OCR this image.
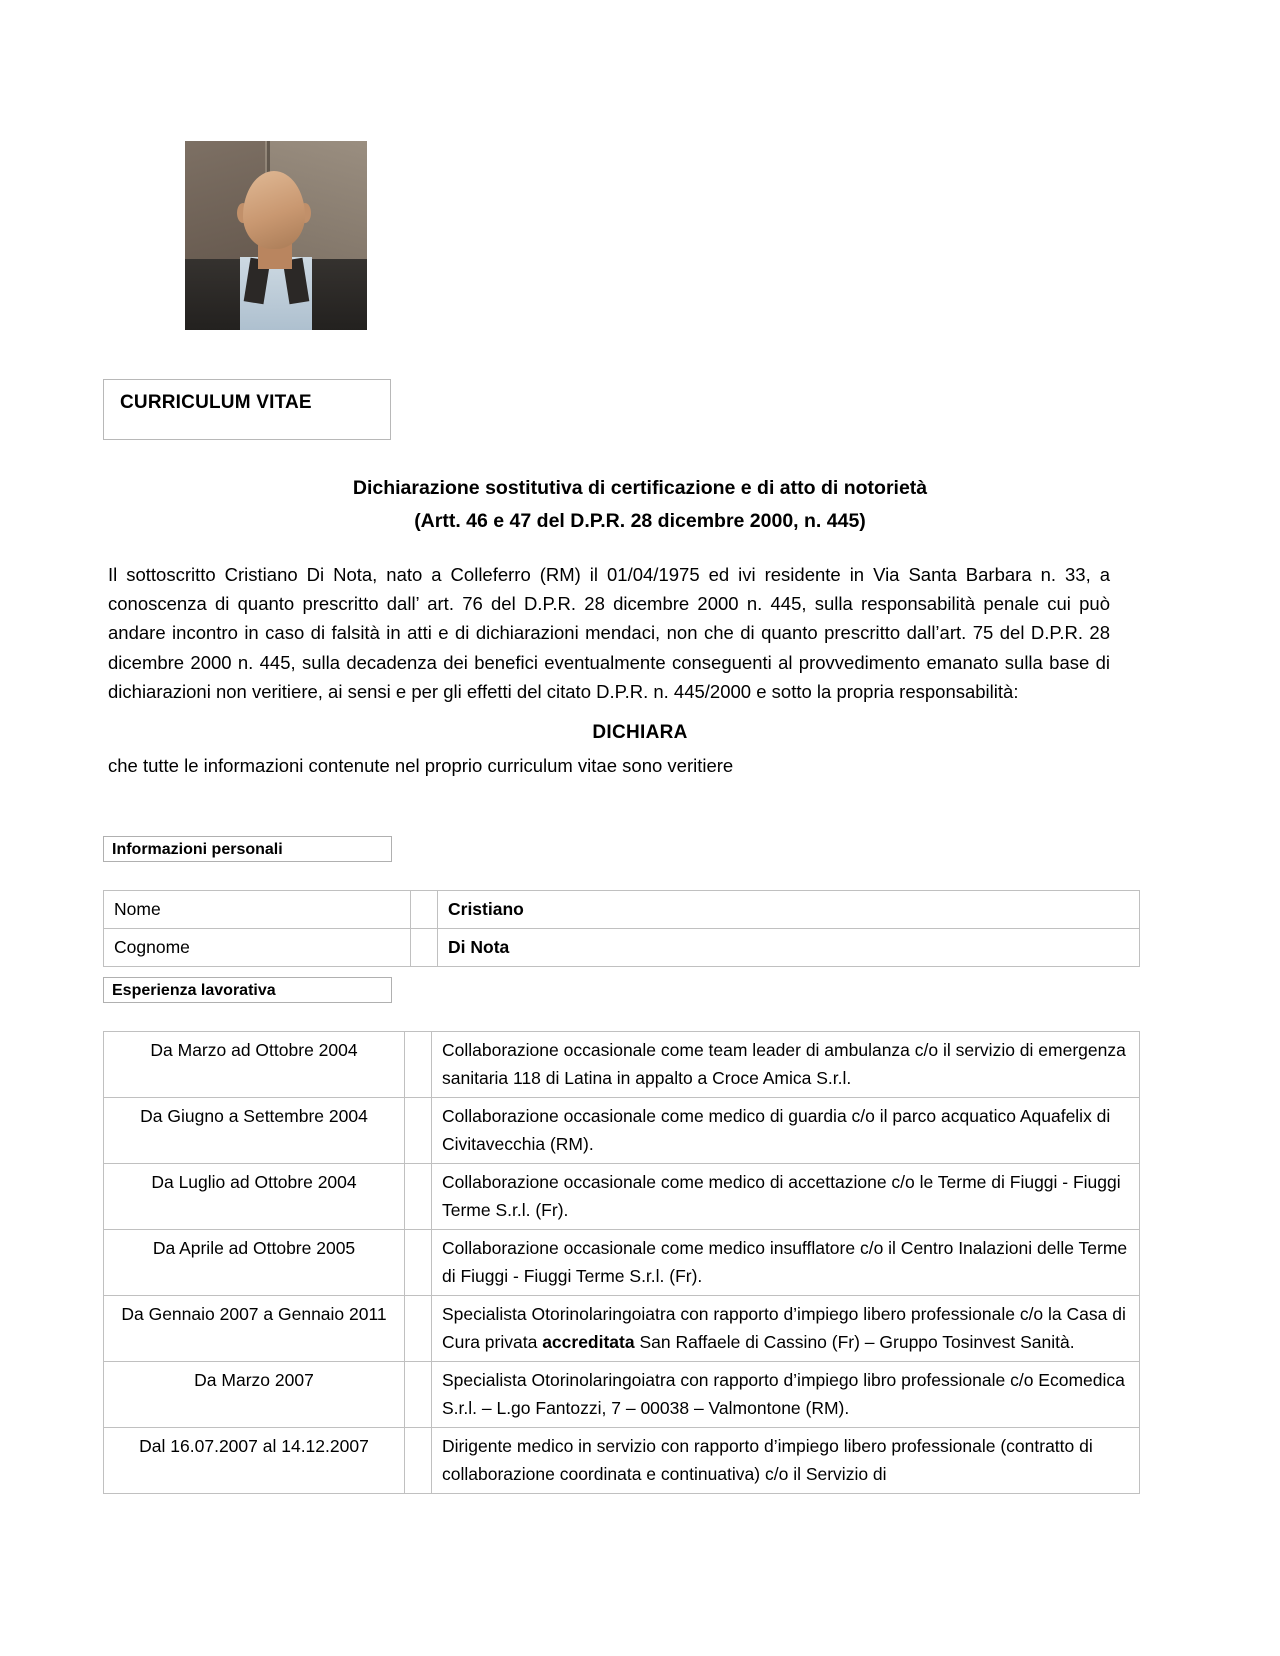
CURRICULUM VITAE
Dichiarazione sostitutiva di certificazione e di atto di notorietà
(Artt. 46 e 47 del D.P.R. 28 dicembre 2000, n. 445)
Il sottoscritto Cristiano Di Nota, nato a Colleferro (RM) il 01/04/1975 ed ivi residente in Via Santa Barbara n. 33, a conoscenza di quanto prescritto dall’ art. 76 del D.P.R. 28 dicembre 2000 n. 445, sulla responsabilità penale cui può andare incontro in caso di falsità in atti e di dichiarazioni mendaci, non che di quanto prescritto dall’art. 75 del D.P.R. 28 dicembre 2000 n. 445, sulla decadenza dei benefici eventualmente conseguenti al provvedimento emanato sulla base di dichiarazioni non veritiere, ai sensi e per gli effetti del citato D.P.R. n. 445/2000 e sotto la propria responsabilità:
DICHIARA
che tutte le informazioni contenute nel proprio curriculum vitae sono veritiere
Informazioni personali
Nome		Cristiano
Cognome		Di Nota
Esperienza lavorativa
Da Marzo ad Ottobre 2004		Collaborazione occasionale come team leader di ambulanza c/o il servizio di emergenza sanitaria 118 di Latina in appalto a Croce Amica S.r.l.
Da Giugno a Settembre 2004		Collaborazione occasionale come medico di guardia c/o il parco acquatico Aquafelix di Civitavecchia (RM).
Da Luglio ad Ottobre 2004		Collaborazione occasionale come medico di accettazione c/o le Terme di Fiuggi - Fiuggi Terme S.r.l. (Fr).
Da Aprile ad Ottobre 2005		Collaborazione occasionale come medico insufflatore c/o il Centro Inalazioni delle Terme di Fiuggi - Fiuggi Terme S.r.l. (Fr).
Da Gennaio 2007 a Gennaio 2011		Specialista Otorinolaringoiatra con rapporto d’impiego libero professionale c/o la Casa di Cura privata accreditata San Raffaele di Cassino (Fr) – Gruppo Tosinvest Sanità.
Da Marzo 2007		Specialista Otorinolaringoiatra con rapporto d’impiego libro professionale c/o Ecomedica S.r.l. – L.go Fantozzi, 7 – 00038 – Valmontone (RM).
Dal 16.07.2007 al 14.12.2007		Dirigente medico in servizio con rapporto d’impiego libero professionale (contratto di collaborazione coordinata e continuativa) c/o il Servizio di
